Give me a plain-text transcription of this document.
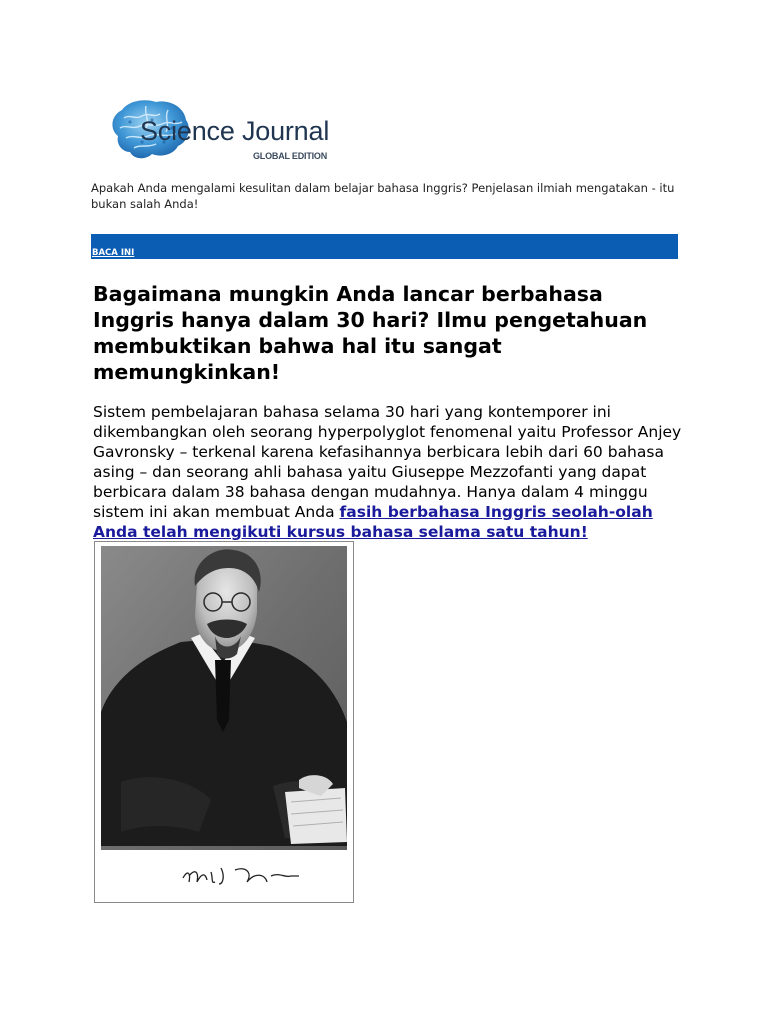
Science Journal
GLOBAL EDITION
Apakah Anda mengalami kesulitan dalam belajar bahasa Inggris? Penjelasan ilmiah mengatakan - itu bukan salah Anda!
BACA INI
Bagaimana mungkin Anda lancar berbahasa Inggris hanya dalam 30 hari? Ilmu pengetahuan membuktikan bahwa hal itu sangat memungkinkan!

Sistem pembelajaran bahasa selama 30 hari yang kontemporer ini dikembangkan oleh seorang hyperpolyglot fenomenal yaitu Professor Anjey Gavronsky – terkenal karena kefasihannya berbicara lebih dari 60 bahasa asing – dan seorang ahli bahasa yaitu Giuseppe Mezzofanti yang dapat berbicara dalam 38 bahasa dengan mudahnya. Hanya dalam 4 minggu sistem ini akan membuat Anda fasih berbahasa Inggris seolah-olah Anda telah mengikuti kursus bahasa selama satu tahun!
